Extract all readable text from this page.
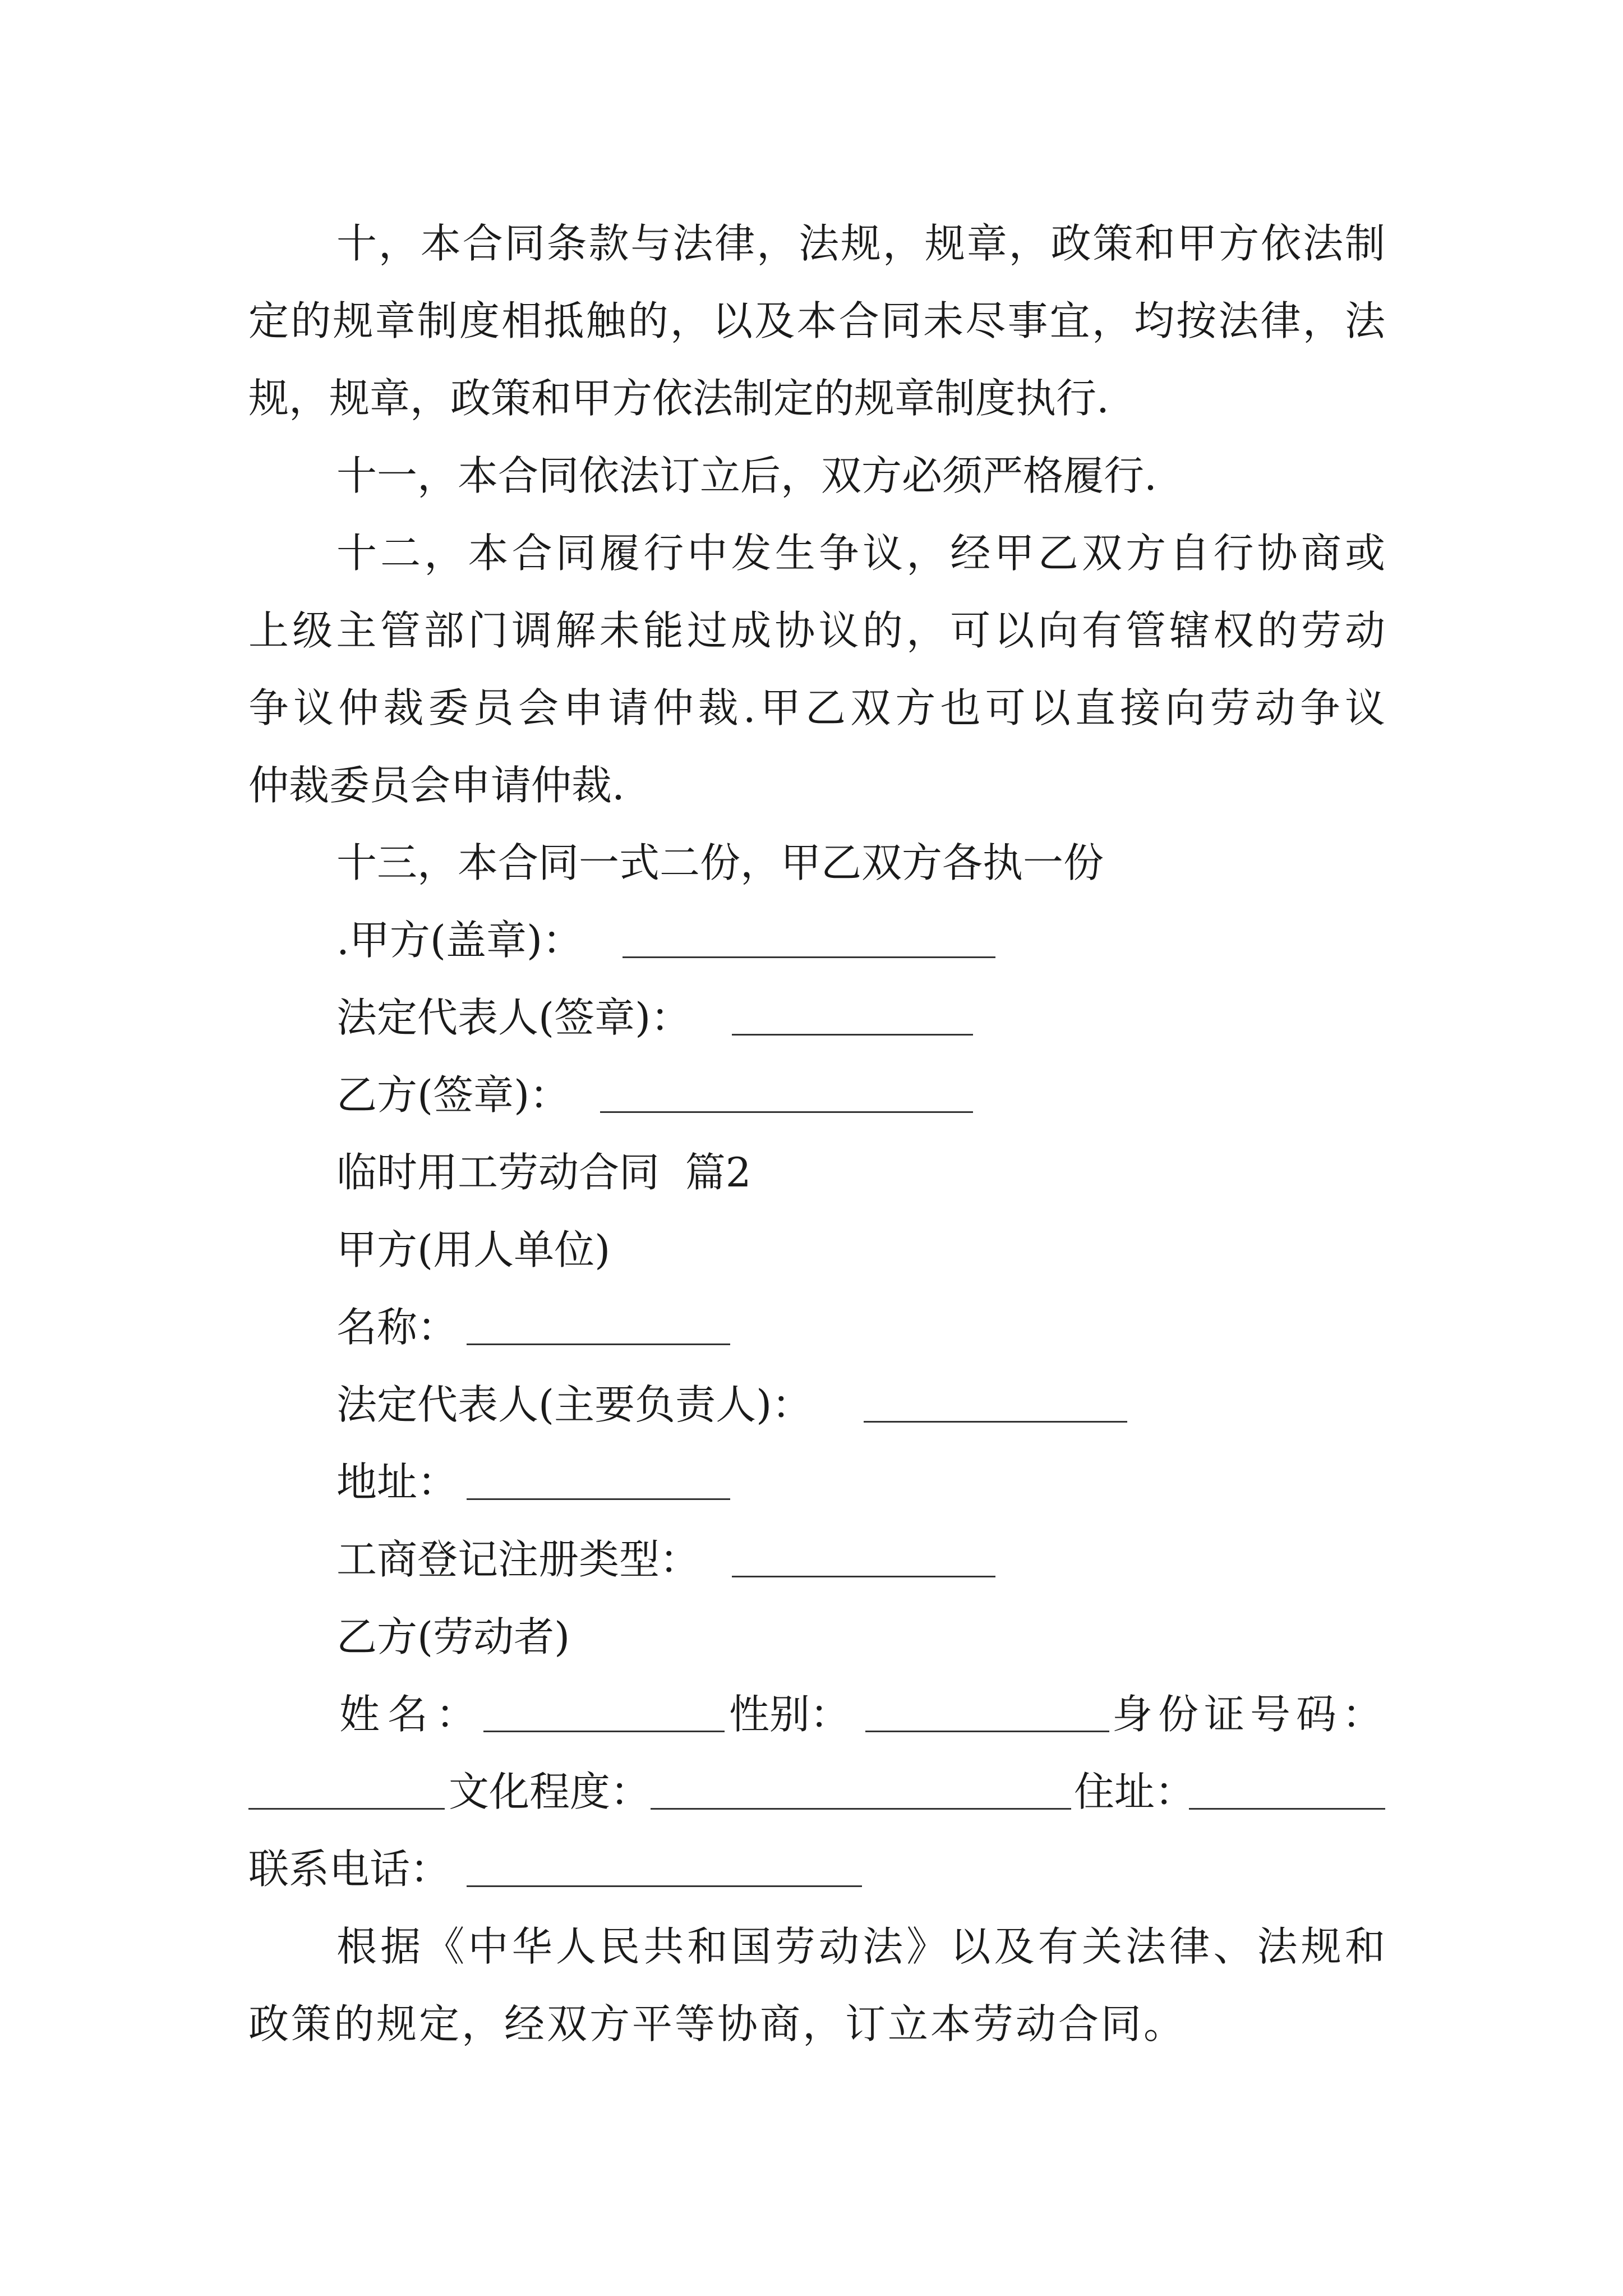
十，本合同条款与法律，法规，规章，政策和甲方依法制
定的规章制度相抵触的，以及本合同未尽事宜，均按法律，法
规，规章，政策和甲方依法制定的规章制度执行.
十一，本合同依法订立后，双方必须严格履行.
十二，本合同履行中发生争议，经甲乙双方自行协商或
上级主管部门调解未能过成协议的，可以向有管辖权的劳动
争议仲裁委员会申请仲裁.甲乙双方也可以直接向劳动争议
仲裁委员会申请仲裁.
十三，本合同一式二份，甲乙双方各执一份
.甲方(盖章)：
法定代表人(签章)：
乙方(签章)：
临时用工劳动合同  篇2
甲方(用人单位)
名称：
法定代表人(主要负责人)：
地址：
工商登记注册类型：
乙方(劳动者)
姓名：	性别：	身份证号码：
文化程度：	住址：
联系电话：
根据《中华人民共和国劳动法》以及有关法律、法规和
政策的规定，经双方平等协商，订立本劳动合同。
